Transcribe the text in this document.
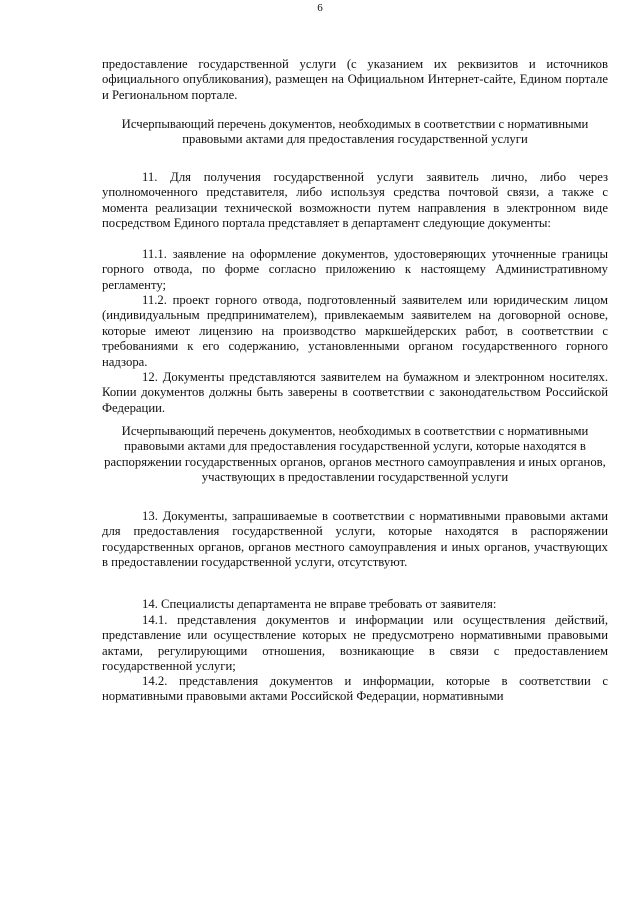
6

предоставление государственной услуги (с указанием их реквизитов и источников официального опубликования), размещен на Официальном Интернет-сайте, Едином портале и Региональном портале.

Исчерпывающий перечень документов, необходимых в соответствии с нормативными правовыми актами для предоставления государственной услуги

11. Для получения государственной услуги заявитель лично, либо через уполномоченного представителя, либо используя средства почтовой связи, а также с момента реализации технической возможности путем направления в электронном виде посредством Единого портала представляет в департамент следующие документы:

11.1. заявление на оформление документов, удостоверяющих уточненные границы горного отвода, по форме согласно приложению к настоящему Административному регламенту;

11.2. проект горного отвода, подготовленный заявителем или юридическим лицом (индивидуальным предпринимателем), привлекаемым заявителем на договорной основе, которые имеют лицензию на производство маркшейдерских работ, в соответствии с требованиями к его содержанию, установленными органом государственного горного надзора.

12. Документы представляются заявителем на бумажном и электронном носителях. Копии документов должны быть заверены в соответствии с законодательством Российской Федерации.

Исчерпывающий перечень документов, необходимых в соответствии с нормативными правовыми актами для предоставления государственной услуги, которые находятся в распоряжении государственных органов, органов местного самоуправления и иных органов, участвующих в предоставлении государственной услуги

13. Документы, запрашиваемые в соответствии с нормативными правовыми актами для предоставления государственной услуги, которые находятся в распоряжении государственных органов, органов местного самоуправления и иных органов, участвующих в предоставлении государственной услуги, отсутствуют.

14. Специалисты департамента не вправе требовать от заявителя:

14.1. представления документов и информации или осуществления действий, представление или осуществление которых не предусмотрено нормативными правовыми актами, регулирующими отношения, возникающие в связи с предоставлением государственной услуги;

14.2. представления документов и информации, которые в соответствии с нормативными правовыми актами Российской Федерации, нормативными
